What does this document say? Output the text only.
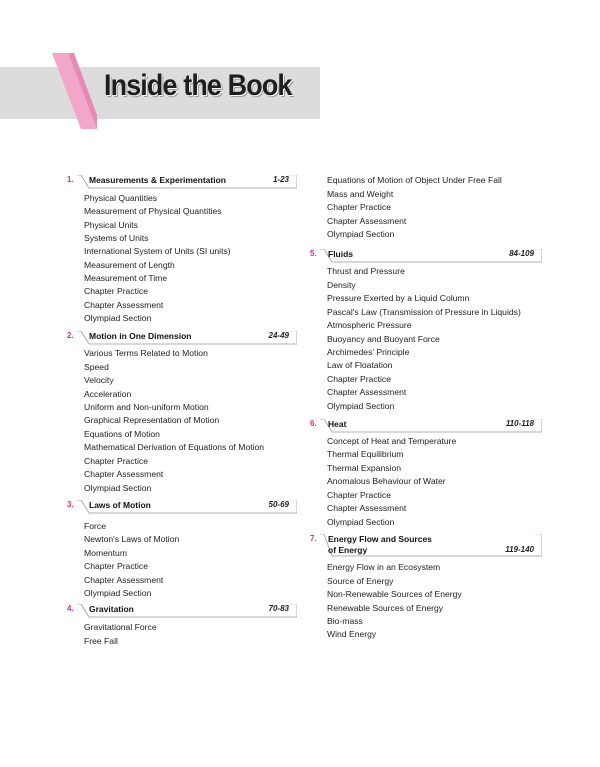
Inside the Book
1. Measurements & Experimentation	1-23
Physical Quantities
Measurement of Physical Quantities
Physical Units
Systems of Units
International System of Units (SI units)
Measurement of Length
Measurement of Time
Chapter Practice
Chapter Assessment
Olympiad Section
2. Motion in One Dimension	24-49
Various Terms Related to Motion
Speed
Velocity
Acceleration
Uniform and Non-uniform Motion
Graphical Representation of Motion
Equations of Motion
Mathematical Derivation of Equations of Motion
Chapter Practice
Chapter Assessment
Olympiad Section
3. Laws of Motion	50-69
Force
Newton's Laws of Motion
Momentum
Chapter Practice
Chapter Assessment
Olympiad Section
4. Gravitation	70-83
Gravitational Force
Free Fall
Equations of Motion of Object Under Free Fall
Mass and Weight
Chapter Practice
Chapter Assessment
Olympiad Section
5. Fluids	84-109
Thrust and Pressure
Density
Pressure Exerted by a Liquid Column
Pascal's Law (Transmission of Pressure in Liquids)
Atmospheric Pressure
Buoyancy and Buoyant Force
Archimedes' Principle
Law of Floatation
Chapter Practice
Chapter Assessment
Olympiad Section
6. Heat	110-118
Concept of Heat and Temperature
Thermal Equilibrium
Thermal Expansion
Anomalous Behaviour of Water
Chapter Practice
Chapter Assessment
Olympiad Section
7. Energy Flow and Sources
of Energy	119-140
Energy Flow in an Ecosystem
Source of Energy
Non-Renewable Sources of Energy
Renewable Sources of Energy
Bio-mass
Wind Energy
